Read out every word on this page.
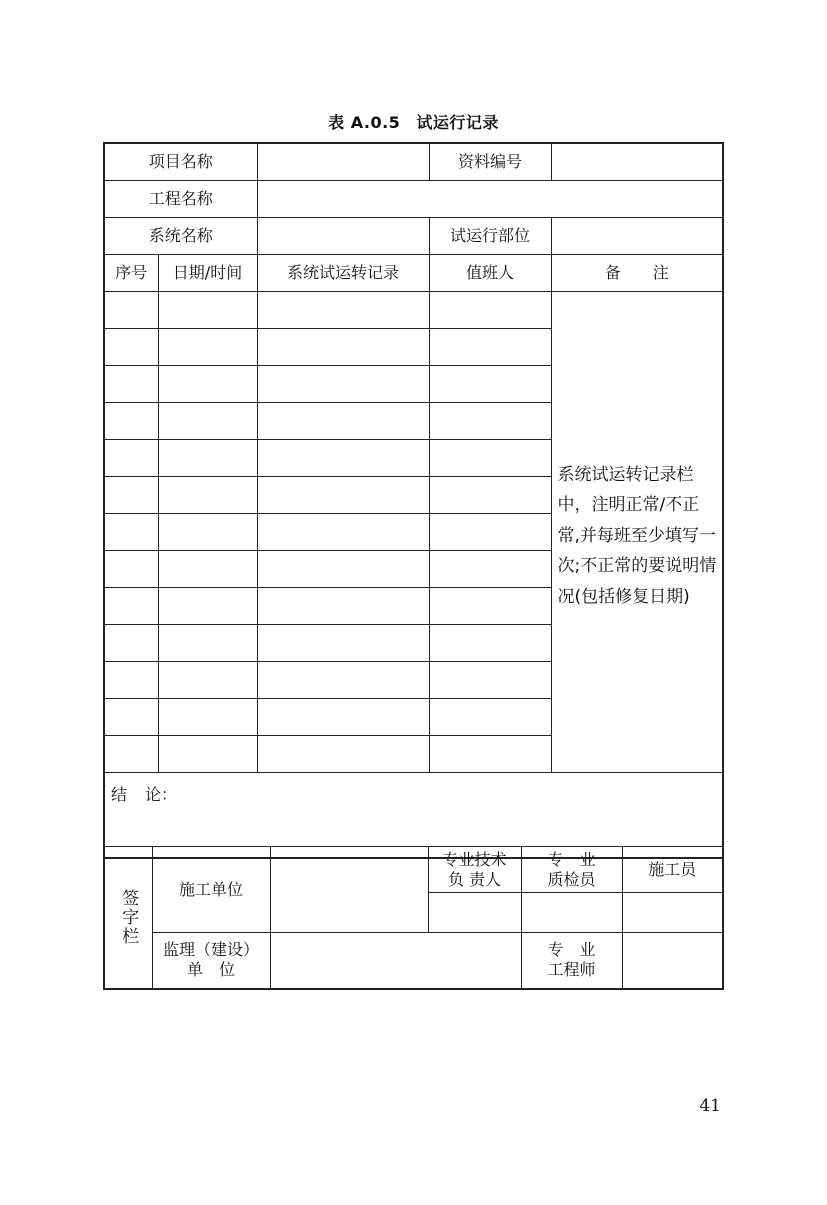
表 A.0.5 试运行记录
项目名称			资料编号	
工程名称				
系统名称			试运行部位	
序号	日期/时间	系统试运转记录	值班人	备　　注

				系统试运转记录栏中，注明正常/不正常,并每班至少填写一次;不正常的要说明情况(包括修复日期)

结 论：				
签字栏	施工单位		专业技术负 责人	专　业质检员	施工员

	监理（建设）单　位			专　业工程师	
41
